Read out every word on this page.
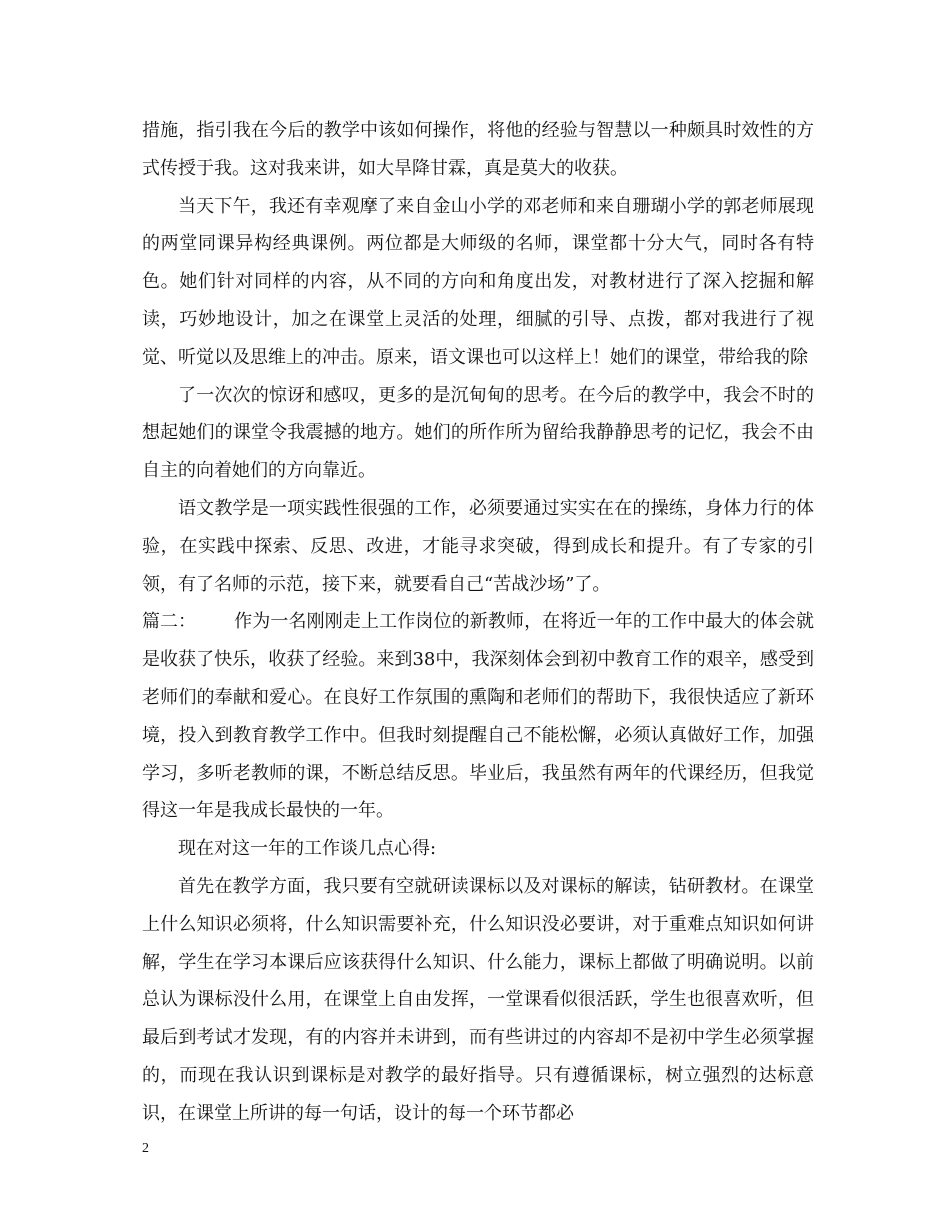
措施，指引我在今后的教学中该如何操作，将他的经验与智慧以一种颇具时效性的方式传授于我。这对我来讲，如大旱降甘霖，真是莫大的收获。

当天下午，我还有幸观摩了来自金山小学的邓老师和来自珊瑚小学的郭老师展现的两堂同课异构经典课例。两位都是大师级的名师，课堂都十分大气，同时各有特色。她们针对同样的内容，从不同的方向和角度出发，对教材进行了深入挖掘和解读，巧妙地设计，加之在课堂上灵活的处理，细腻的引导、点拨，都对我进行了视觉、听觉以及思维上的冲击。原来，语文课也可以这样上！她们的课堂，带给我的除

了一次次的惊讶和感叹，更多的是沉甸甸的思考。在今后的教学中，我会不时的想起她们的课堂令我震撼的地方。她们的所作所为留给我静静思考的记忆，我会不由自主的向着她们的方向靠近。

语文教学是一项实践性很强的工作，必须要通过实实在在的操练，身体力行的体验，在实践中探索、反思、改进，才能寻求突破，得到成长和提升。有了专家的引领，有了名师的示范，接下来，就要看自己“苦战沙场”了。

篇二： 作为一名刚刚走上工作岗位的新教师，在将近一年的工作中最大的体会就是收获了快乐，收获了经验。来到38中，我深刻体会到初中教育工作的艰辛，感受到老师们的奉献和爱心。在良好工作氛围的熏陶和老师们的帮助下，我很快适应了新环境，投入到教育教学工作中。但我时刻提醒自己不能松懈，必须认真做好工作，加强学习，多听老教师的课，不断总结反思。毕业后，我虽然有两年的代课经历，但我觉得这一年是我成长最快的一年。

现在对这一年的工作谈几点心得:

首先在教学方面，我只要有空就研读课标以及对课标的解读，钻研教材。在课堂上什么知识必须将，什么知识需要补充，什么知识没必要讲，对于重难点知识如何讲解，学生在学习本课后应该获得什么知识、什么能力，课标上都做了明确说明。以前总认为课标没什么用，在课堂上自由发挥，一堂课看似很活跃，学生也很喜欢听，但最后到考试才发现，有的内容并未讲到，而有些讲过的内容却不是初中学生必须掌握的，而现在我认识到课标是对教学的最好指导。只有遵循课标，树立强烈的达标意识，在课堂上所讲的每一句话，设计的每一个环节都必

2
